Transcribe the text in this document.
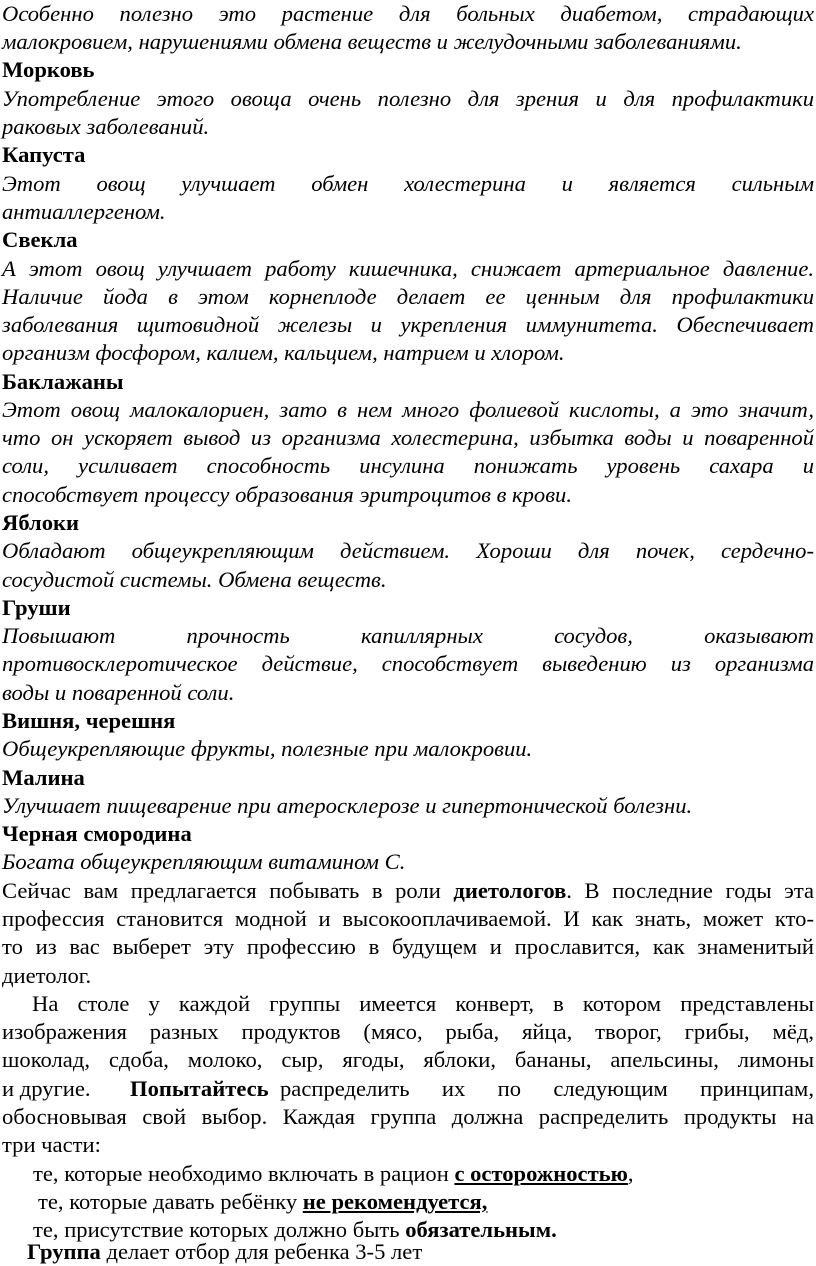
Особенно полезно это растение для больных диабетом, страдающих
малокровием, нарушениями обмена веществ и желудочными заболеваниями.
Морковь
Употребление этого овоща очень полезно для зрения и для профилактики
раковых заболеваний.
Капуста
Этот овощ улучшает обмен холестерина и является сильным
антиаллергеном.
Свекла
А этот овощ улучшает работу кишечника, снижает артериальное давление.
Наличие йода в этом корнеплоде делает ее ценным для профилактики
заболевания щитовидной железы и укрепления иммунитета. Обеспечивает
организм фосфором, калием, кальцием, натрием и хлором.
Баклажаны
Этот овощ малокалориен, зато в нем много фолиевой кислоты, а это значит,
что он ускоряет вывод из организма холестерина, избытка воды и поваренной
соли, усиливает способность инсулина понижать уровень сахара и
способствует процессу образования эритроцитов в крови.
Яблоки
Обладают общеукрепляющим действием. Хороши для почек, сердечно-
сосудистой системы. Обмена веществ.
Груши
Повышают прочность капиллярных сосудов, оказывают
противосклеротическое действие, способствует выведению из организма
воды и поваренной соли.
Вишня, черешня
Общеукрепляющие фрукты, полезные при малокровии.
Малина
Улучшает пищеварение при атеросклерозе и гипертонической болезни.
Черная смородина
Богата общеукрепляющим витамином С.
Сейчас вам предлагается побывать в роли диетологов. В последние годы эта
профессия становится модной и высокооплачиваемой. И как знать, может кто-
то из вас выберет эту профессию в будущем и прославится, как знаменитый
диетолог.
На столе у каждой группы имеется конверт, в котором представлены
изображения разных продуктов (мясо, рыба, яйца, творог, грибы, мёд,
шоколад, сдоба, молоко, сыр, ягоды, яблоки, бананы, апельсины, лимоны
и другие. Попытайтесь распределить их по следующим принципам,
обосновывая свой выбор. Каждая группа должна распределить продукты на
три части:
те, которые необходимо включать в рацион с осторожностью,
те, которые давать ребёнку не рекомендуется,
те, присутствие которых должно быть обязательным.
Группа делает отбор для ребенка 3-5 лет
